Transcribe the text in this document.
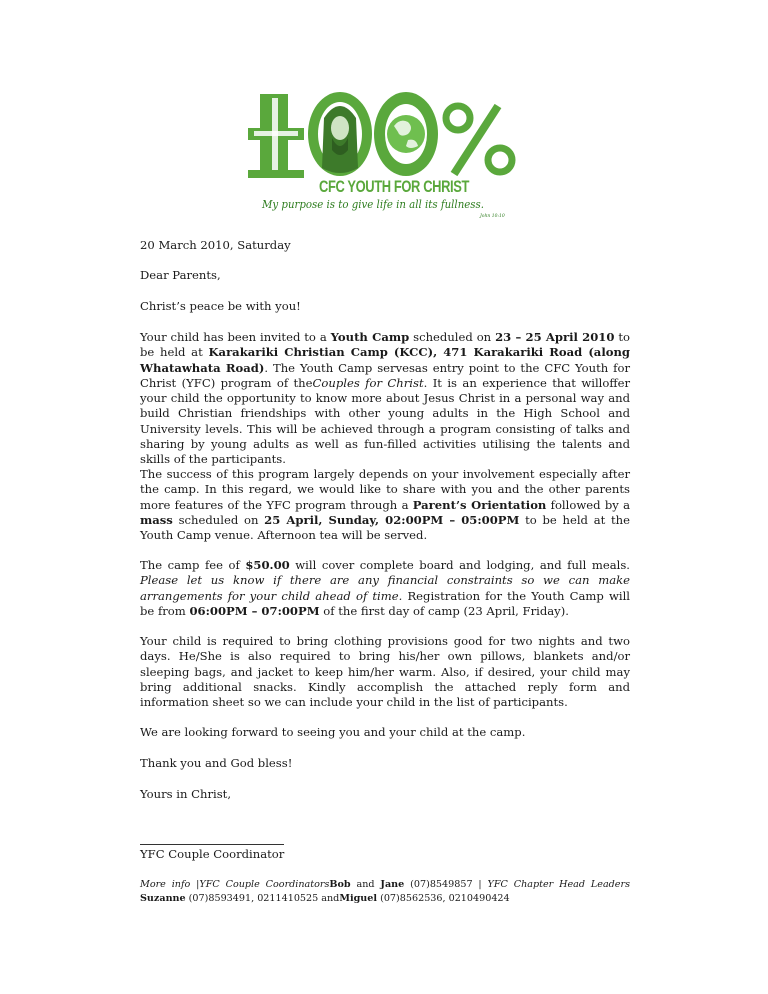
CFC YOUTH FOR CHRIST
My purpose is to give life in all its fullness.
John 10:10

20 March 2010, Saturday

Dear Parents,

Christ’s peace be with you!

Your child has been invited to a Youth Camp scheduled on 23 – 25 April 2010 to be held at Karakariki Christian Camp (KCC), 471 Karakariki Road (along Whatawhata Road). The Youth Camp servesas entry point to the CFC Youth for Christ (YFC) program of theCouples for Christ. It is an experience that willoffer your child the opportunity to know more about Jesus Christ in a personal way and build Christian friendships with other young adults in the High School and University levels. This will be achieved through a program consisting of talks and sharing by young adults as well as fun-filled activities utilising the talents and skills of the participants.

The success of this program largely depends on your involvement especially after the camp. In this regard, we would like to share with you and the other parents more features of the YFC program through a Parent’s Orientation followed by a mass scheduled on 25 April, Sunday, 02:00PM – 05:00PM to be held at the Youth Camp venue. Afternoon tea will be served.

The camp fee of $50.00 will cover complete board and lodging, and full meals. Please let us know if there are any financial constraints so we can make arrangements for your child ahead of time. Registration for the Youth Camp will be from 06:00PM – 07:00PM of the first day of camp (23 April, Friday).

Your child is required to bring clothing provisions good for two nights and two days. He/She is also required to bring his/her own pillows, blankets and/or sleeping bags, and jacket to keep him/her warm. Also, if desired, your child may bring additional snacks. Kindly accomplish the attached reply form and information sheet so we can include your child in the list of participants.

We are looking forward to seeing you and your child at the camp.

Thank you and God bless!

Yours in Christ,

YFC Couple Coordinator

More info |YFC Couple CoordinatorsBob and Jane (07)8549857 | YFC Chapter Head Leaders Suzanne (07)8593491, 0211410525 andMiguel (07)8562536, 0210490424
